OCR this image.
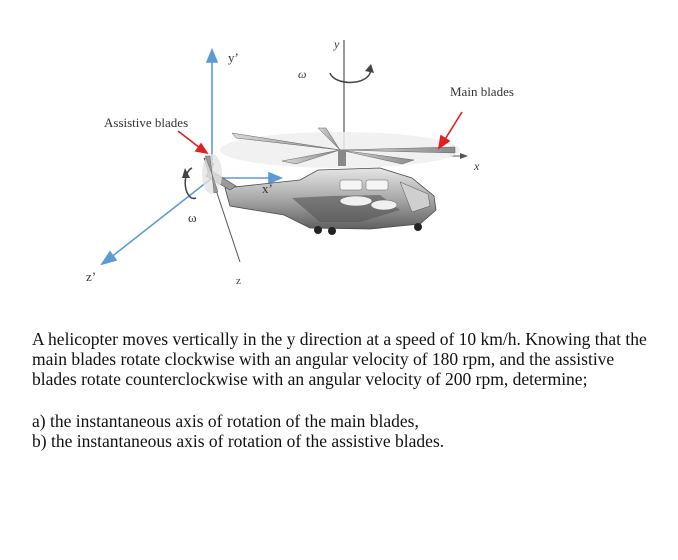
y’
x’
z’
y
x
z
ω
ω
Main blades
Assistive blades

A helicopter moves vertically in the y direction at a speed of 10 km/h. Knowing that the main blades rotate clockwise with an angular velocity of 180 rpm, and the assistive blades rotate counterclockwise with an angular velocity of 200 rpm, determine;

a) the instantaneous axis of rotation of the main blades,

b) the instantaneous axis of rotation of the assistive blades.
